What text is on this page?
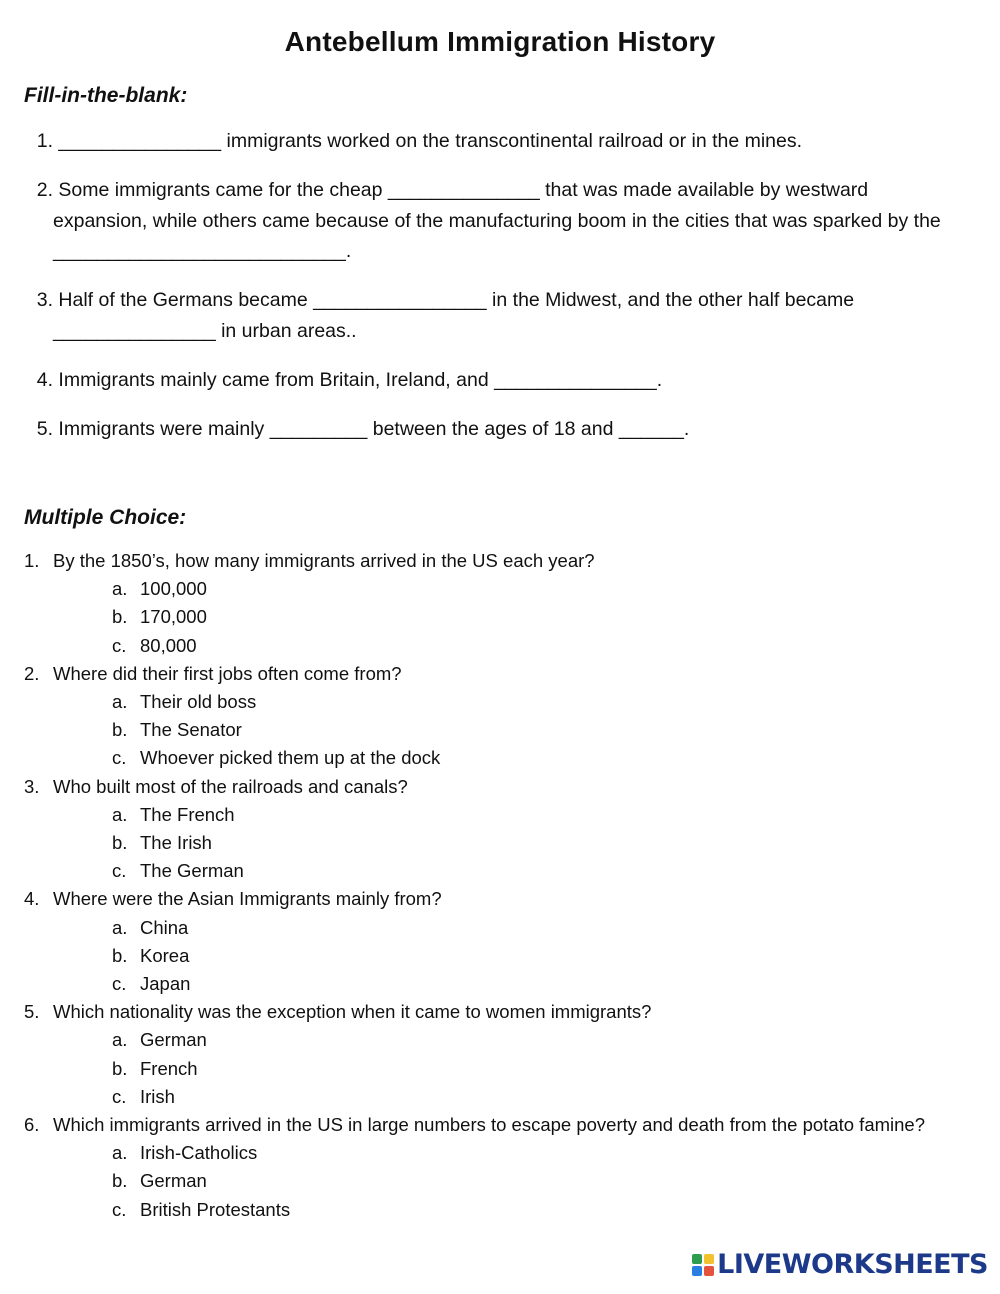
Antebellum Immigration History
Fill-in-the-blank:
1. _______________ immigrants worked on the transcontinental railroad or in the mines.
2. Some immigrants came for the cheap ______________ that was made available by westward expansion, while others came because of the manufacturing boom in the cities that was sparked by the ___________________________.
3. Half of the Germans became ________________ in the Midwest, and the other half became _______________ in urban areas..
4. Immigrants mainly came from Britain, Ireland, and _______________.
5. Immigrants were mainly _________ between the ages of 18 and ______.
Multiple Choice:
1. By the 1850’s, how many immigrants arrived in the US each year?
a. 100,000
b. 170,000
c. 80,000
2. Where did their first jobs often come from?
a. Their old boss
b. The Senator
c. Whoever picked them up at the dock
3. Who built most of the railroads and canals?
a. The French
b. The Irish
c. The German
4. Where were the Asian Immigrants mainly from?
a. China
b. Korea
c. Japan
5. Which nationality was the exception when it came to women immigrants?
a. German
b. French
c. Irish
6. Which immigrants arrived in the US in large numbers to escape poverty and death from the potato famine?
a. Irish-Catholics
b. German
c. British Protestants
LIVEWORKSHEETS
